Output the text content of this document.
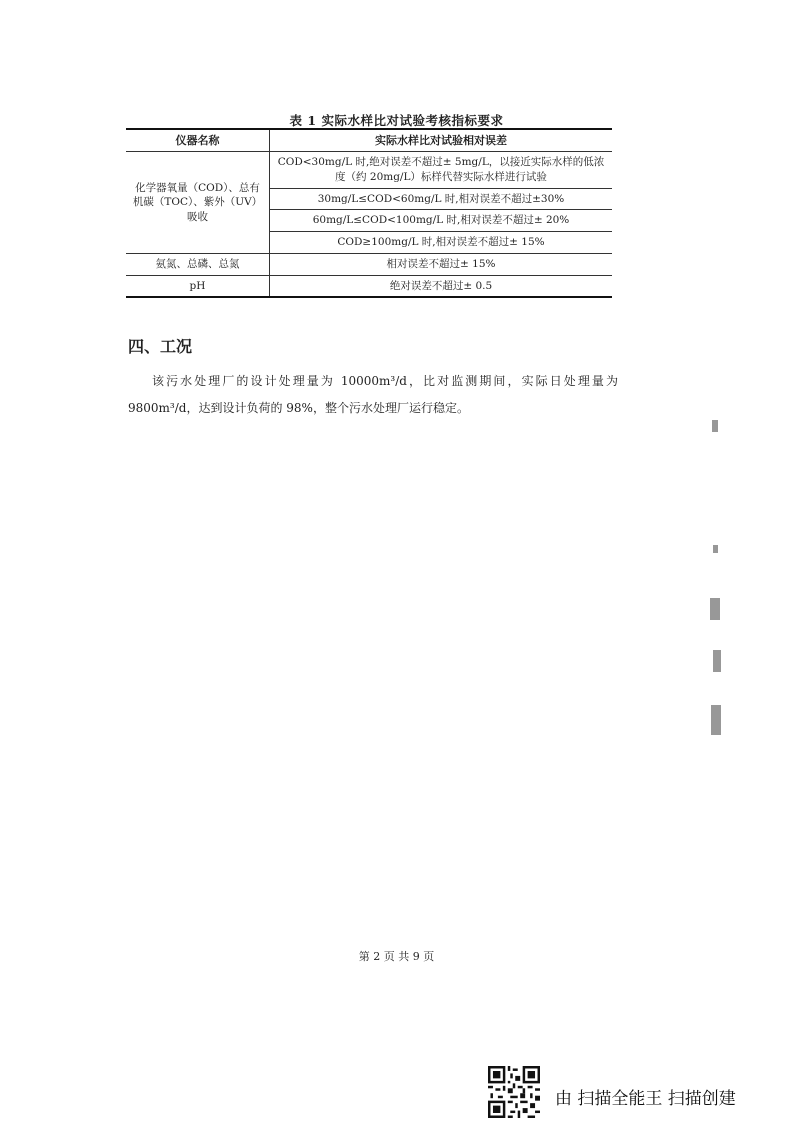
表 1 实际水样比对试验考核指标要求
仪器名称	实际水样比对试验相对误差
化学器氧量（COD）、总有机碳（TOC）、紫外（UV）吸收	COD<30mg/L 时,绝对误差不超过± 5mg/L，以接近实际水样的低浓度（约 20mg/L）标样代替实际水样进行试验
	30mg/L≤COD<60mg/L 时,相对误差不超过±30%
	60mg/L≤COD<100mg/L 时,相对误差不超过± 20%
	COD≥100mg/L 时,相对误差不超过± 15%
氨氮、总磷、总氮	相对误差不超过± 15%
pH	绝对误差不超过± 0.5
四、工况

该污水处理厂的设计处理量为 10000m³/d，比对监测期间，实际日处理量为 9800m³/d，达到设计负荷的 98%，整个污水处理厂运行稳定。

第 2 页 共 9 页
由 扫描全能王 扫描创建
